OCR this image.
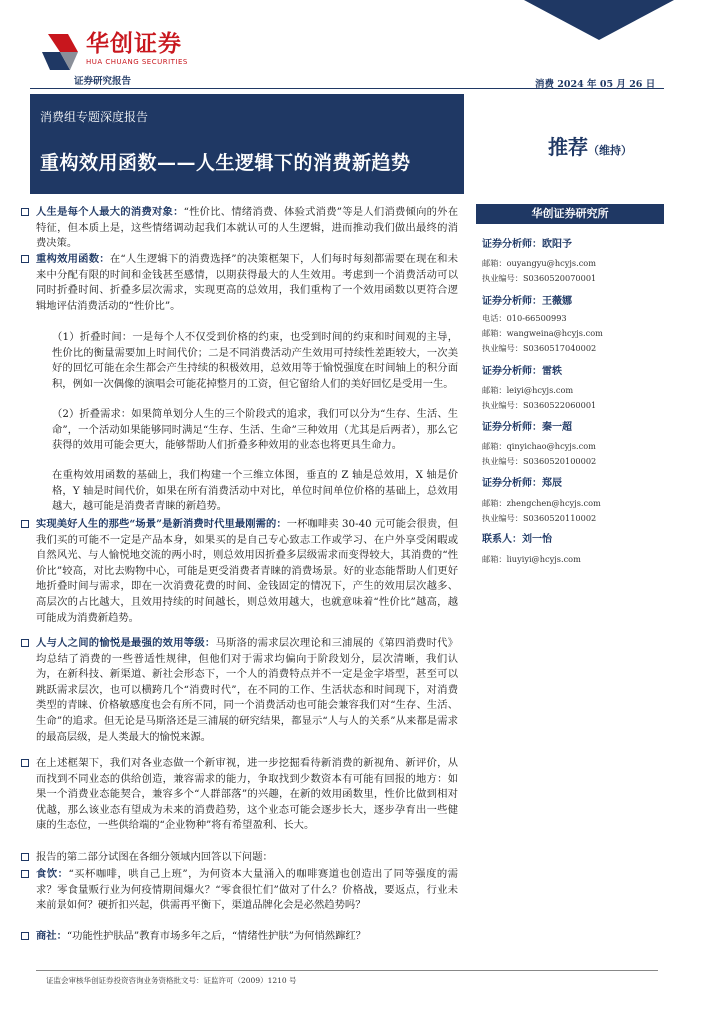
华创证券
HUA CHUANG SECURITIES
证券研究报告	消费 2024 年 05 月 26 日
消费组专题深度报告
重构效用函数——人生逻辑下的消费新趋势
推荐（维持）

人生是每个人最大的消费对象：“性价比、情绪消费、体验式消费”等是人们消费倾向的外在特征，但本质上是，这些情绪调动起我们本就认可的人生逻辑，进而推动我们做出最终的消费决策。

重构效用函数：在“人生逻辑下的消费选择”的决策框架下，人们每时每刻都需要在现在和未来中分配有限的时间和金钱甚至感情，以期获得最大的人生效用。考虑到一个消费活动可以同时折叠时间、折叠多层次需求，实现更高的总效用，我们重构了一个效用函数以更符合逻辑地评估消费活动的“性价比”。

（1）折叠时间：一是每个人不仅受到价格的约束，也受到时间的约束和时间观的主导，性价比的衡量需要加上时间代价；二是不同消费活动产生效用可持续性差距较大，一次美好的回忆可能在余生都会产生持续的积极效用，总效用等于愉悦强度在时间轴上的积分面积，例如一次偶像的演唱会可能花掉整月的工资，但它留给人们的美好回忆是受用一生。

（2）折叠需求：如果简单划分人生的三个阶段式的追求，我们可以分为“生存、生活、生命”，一个活动如果能够同时满足“生存、生活、生命”三种效用（尤其是后两者），那么它获得的效用可能会更大，能够帮助人们折叠多种效用的业态也将更具生命力。

在重构效用函数的基础上，我们构建一个三维立体图，垂直的 Z 轴是总效用，X 轴是价格，Y 轴是时间代价，如果在所有消费活动中对比，单位时间单位价格的基础上，总效用越大，越可能是消费者青睐的新趋势。

实现美好人生的那些“场景”是新消费时代里最刚需的：一杯咖啡卖 30-40 元可能会很贵，但我们买的可能不一定是产品本身，如果买的是自己专心致志工作或学习、在户外享受闲暇或自然风光、与人愉悦地交流的两小时，则总效用因折叠多层级需求而变得较大，其消费的“性价比”较高，对比去购物中心，可能是更受消费者青睐的消费场景。好的业态能帮助人们更好地折叠时间与需求，即在一次消费花费的时间、金钱固定的情况下，产生的效用层次越多、高层次的占比越大，且效用持续的时间越长，则总效用越大，也就意味着“性价比”越高，越可能成为消费新趋势。

人与人之间的愉悦是最强的效用等级：马斯洛的需求层次理论和三浦展的《第四消费时代》均总结了消费的一些普适性规律，但他们对于需求均偏向于阶段划分，层次清晰，我们认为，在新科技、新渠道、新社会形态下，一个人的消费特点并不一定是金字塔型，甚至可以跳跃需求层次，也可以横跨几个“消费时代”，在不同的工作、生活状态和时间现下，对消费类型的青睐、价格敏感度也会有所不同，同一个消费活动也可能会兼容我们对“生存、生活、生命”的追求。但无论是马斯洛还是三浦展的研究结果，都显示“人与人的关系”从来都是需求的最高层级，是人类最大的愉悦来源。

在上述框架下，我们对各业态做一个新审视，进一步挖掘看待新消费的新视角、新评价，从而找到不同业态的供给创造，兼容需求的能力，争取找到少数资本有可能有回报的地方：如果一个消费业态能契合，兼容多个“人群部落”的兴趣，在新的效用函数里，性价比做到相对优越，那么该业态有望成为未来的消费趋势，这个业态可能会逐步长大，逐步孕育出一些健康的生态位，一些供给端的“企业物种”将有希望盈利、长大。

报告的第二部分试图在各细分领域内回答以下问题：

食饮：“买杯咖啡，哄自己上班”，为何资本大量涌入的咖啡赛道也创造出了同等强度的需求？零食量贩行业为何疫情期间爆火？“零食很忙们”做对了什么？价格战，要返点，行业未来前景如何？硬折扣兴起，供需再平衡下，渠道品牌化会是必然趋势吗？

商社：“功能性护肤品”教育市场多年之后，“情绪性护肤”为何悄然蹿红？

华创证券研究所
证券分析师：欧阳予
邮箱：ouyangyu@hcyjs.com
执业编号：S0360520070001
证券分析师：王薇娜
电话：010-66500993
邮箱：wangweina@hcyjs.com
执业编号：S0360517040002
证券分析师：雷轶
邮箱：leiyi@hcyjs.com
执业编号：S0360522060001
证券分析师：秦一超
邮箱：qinyichao@hcyjs.com
执业编号：S0360520100002
证券分析师：郑辰
邮箱：zhengchen@hcyjs.com
执业编号：S0360520110002
联系人：刘一怡
邮箱：liuyiyi@hcyjs.com
证监会审核华创证券投资咨询业务资格批文号：证监许可（2009）1210 号
